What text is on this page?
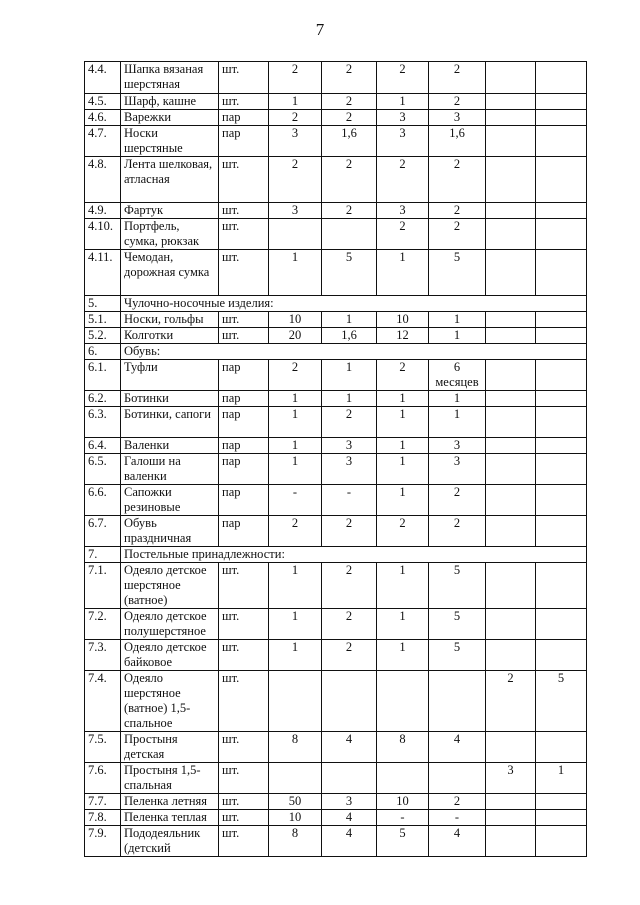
7
4.4.	Шапка вязаная шерстяная	шт.	2	2	2	2		
4.5.	Шарф, кашне	шт.	1	2	1	2		
4.6.	Варежки	пар	2	2	3	3		
4.7.	Носки шерстяные	пар	3	1,6	3	1,6		
4.8.	Лента шелковая, атласная	шт.	2	2	2	2		
4.9.	Фартук	шт.	3	2	3	2		
4.10.	Портфель, сумка, рюкзак	шт.			2	2		
4.11.	Чемодан, дорожная сумка	шт.	1	5	1	5		
5.	Чулочно-носочные изделия:							
5.1.	Носки, гольфы	шт.	10	1	10	1		
5.2.	Колготки	шт.	20	1,6	12	1		
6.	Обувь:							
6.1.	Туфли	пар	2	1	2	6 месяцев		
6.2.	Ботинки	пар	1	1	1	1		
6.3.	Ботинки, сапоги	пар	1	2	1	1		
6.4.	Валенки	пар	1	3	1	3		
6.5.	Галоши на валенки	пар	1	3	1	3		
6.6.	Сапожки резиновые	пар	-	-	1	2		
6.7.	Обувь праздничная	пар	2	2	2	2		
7.	Постельные принадлежности:							
7.1.	Одеяло детское шерстяное (ватное)	шт.	1	2	1	5		
7.2.	Одеяло детское полушерстяное	шт.	1	2	1	5		
7.3.	Одеяло детское байковое	шт.	1	2	1	5		
7.4.	Одеяло шерстяное (ватное) 1,5-спальное	шт.					2	5
7.5.	Простыня детская	шт.	8	4	8	4		
7.6.	Простыня 1,5-спальная	шт.					3	1
7.7.	Пеленка летняя	шт.	50	3	10	2		
7.8.	Пеленка теплая	шт.	10	4	-	-		
7.9.	Пододеяльник (детский	шт.	8	4	5	4		
